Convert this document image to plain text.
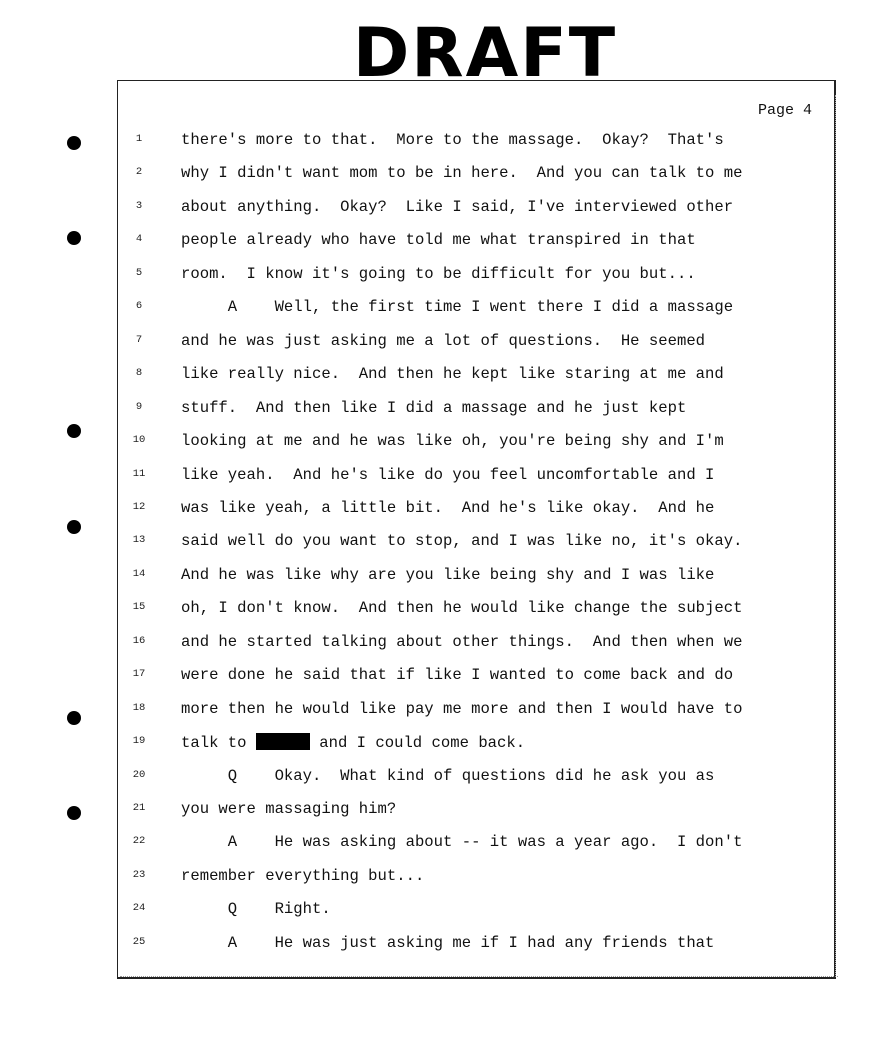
DRAFT
Page 4
1	there's more to that.  More to the massage.  Okay?  That's
2	why I didn't want mom to be in here.  And you can talk to me
3	about anything.  Okay?  Like I said, I've interviewed other
4	people already who have told me what transpired in that
5	room.  I know it's going to be difficult for you but...
6	A    Well, the first time I went there I did a massage
7	and he was just asking me a lot of questions.  He seemed
8	like really nice.  And then he kept like staring at me and
9	stuff.  And then like I did a massage and he just kept
10	looking at me and he was like oh, you're being shy and I'm
11	like yeah.  And he's like do you feel uncomfortable and I
12	was like yeah, a little bit.  And he's like okay.  And he
13	said well do you want to stop, and I was like no, it's okay.
14	And he was like why are you like being shy and I was like
15	oh, I don't know.  And then he would like change the subject
16	and he started talking about other things.  And then when we
17	were done he said that if like I wanted to come back and do
18	more then he would like pay me more and then I would have to
19	talk to	and I could come back.
20	Q    Okay.  What kind of questions did he ask you as
21	you were massaging him?
22	A    He was asking about -- it was a year ago.  I don't
23	remember everything but...
24	Q    Right.
25	A    He was just asking me if I had any friends that
